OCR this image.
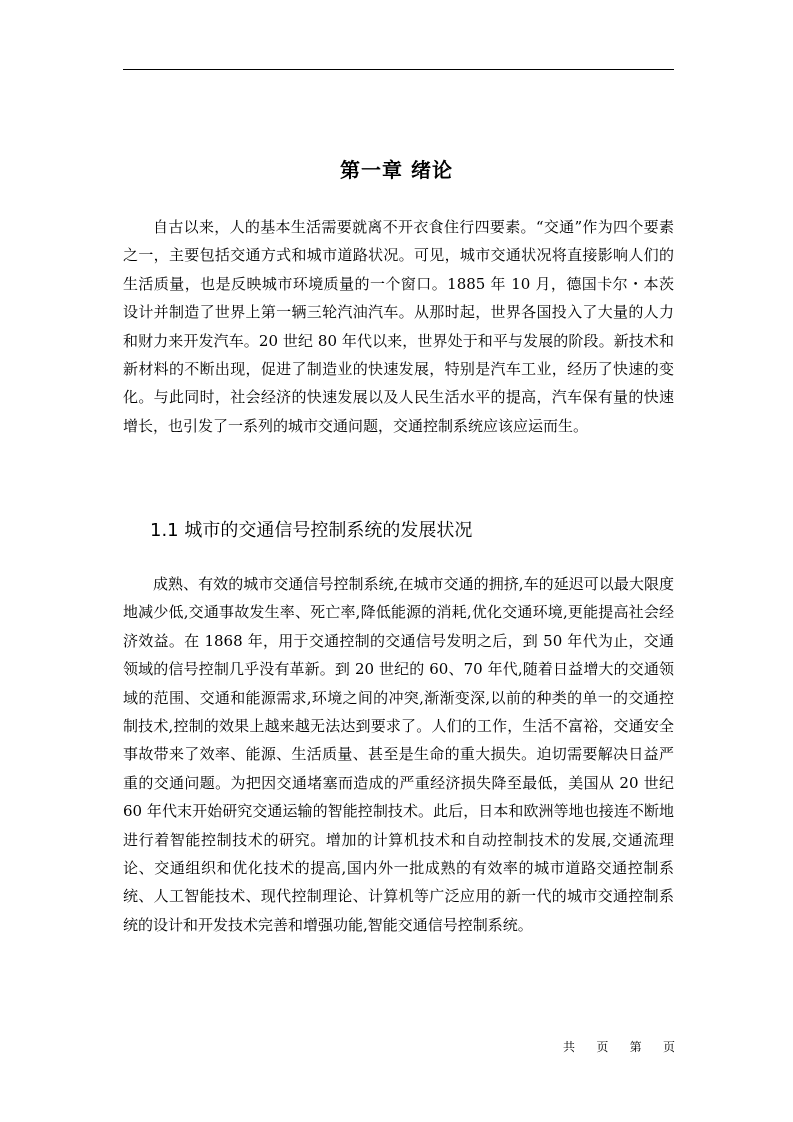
第一章 绪论

自古以来，人的基本生活需要就离不开衣食住行四要素。“交通”作为四个要素之一，主要包括交通方式和城市道路状况。可见，城市交通状况将直接影响人们的生活质量，也是反映城市环境质量的一个窗口。1885 年 10 月，德国卡尔・本茨设计并制造了世界上第一辆三轮汽油汽车。从那时起，世界各国投入了大量的人力和财力来开发汽车。20 世纪 80 年代以来，世界处于和平与发展的阶段。新技术和新材料的不断出现，促进了制造业的快速发展，特别是汽车工业，经历了快速的变化。与此同时，社会经济的快速发展以及人民生活水平的提高，汽车保有量的快速增长，也引发了一系列的城市交通问题，交通控制系统应该应运而生。

1.1 城市的交通信号控制系统的发展状况

成熟、有效的城市交通信号控制系统,在城市交通的拥挤,车的延迟可以最大限度地减少低,交通事故发生率、死亡率,降低能源的消耗,优化交通环境,更能提高社会经济效益。在 1868 年，用于交通控制的交通信号发明之后，到 50 年代为止，交通领域的信号控制几乎没有革新。到 20 世纪的 60、70 年代,随着日益增大的交通领域的范围、交通和能源需求,环境之间的冲突,渐渐变深,以前的种类的单一的交通控制技术,控制的效果上越来越无法达到要求了。人们的工作，生活不富裕，交通安全事故带来了效率、能源、生活质量、甚至是生命的重大损失。迫切需要解决日益严重的交通问题。为把因交通堵塞而造成的严重经济损失降至最低，美国从 20 世纪 60 年代末开始研究交通运输的智能控制技术。此后，日本和欧洲等地也接连不断地进行着智能控制技术的研究。增加的计算机技术和自动控制技术的发展,交通流理论、交通组织和优化技术的提高,国内外一批成熟的有效率的城市道路交通控制系统、人工智能技术、现代控制理论、计算机等广泛应用的新一代的城市交通控制系统的设计和开发技术完善和增强功能,智能交通信号控制系统。

共 页 第 页
